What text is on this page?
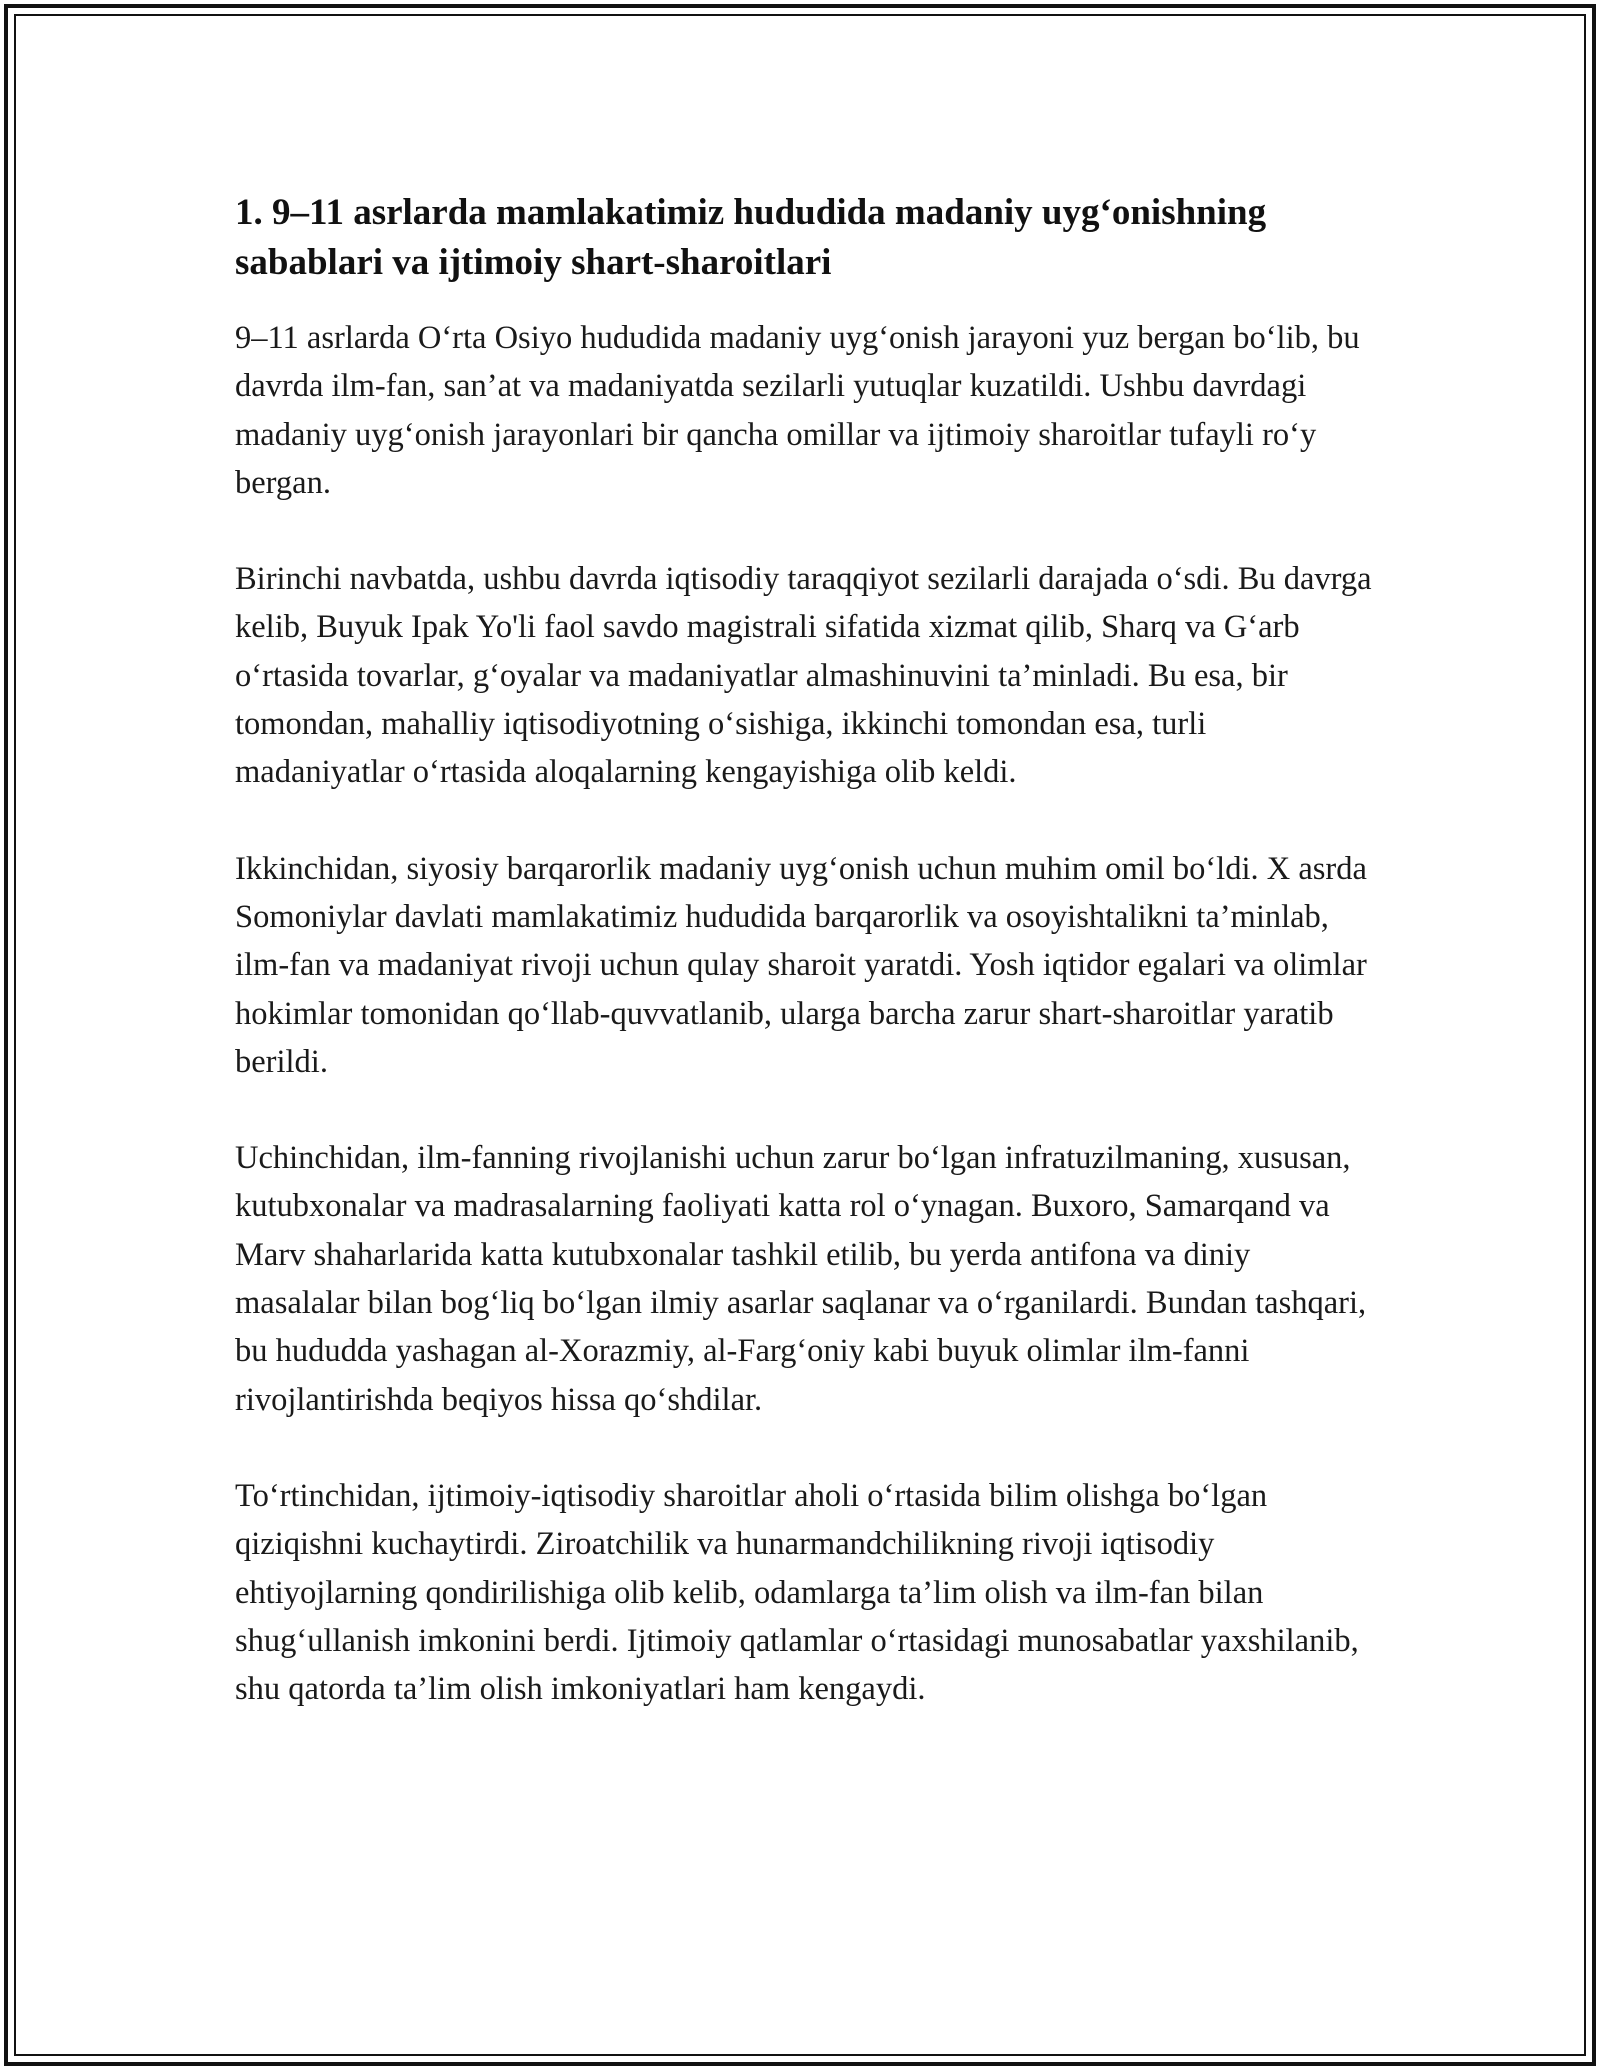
1. 9–11 asrlarda mamlakatimiz hududida madaniy uyg‘onishning sabablari va ijtimoiy shart-sharoitlari

9–11 asrlarda O‘rta Osiyo hududida madaniy uyg‘onish jarayoni yuz bergan bo‘lib, bu davrda ilm-fan, san’at va madaniyatda sezilarli yutuqlar kuzatildi. Ushbu davrdagi madaniy uyg‘onish jarayonlari bir qancha omillar va ijtimoiy sharoitlar tufayli ro‘y bergan.

Birinchi navbatda, ushbu davrda iqtisodiy taraqqiyot sezilarli darajada o‘sdi. Bu davrga kelib, Buyuk Ipak Yo'li faol savdo magistrali sifatida xizmat qilib, Sharq va G‘arb o‘rtasida tovarlar, g‘oyalar va madaniyatlar almashinuvini ta’minladi. Bu esa, bir tomondan, mahalliy iqtisodiyotning o‘sishiga, ikkinchi tomondan esa, turli madaniyatlar o‘rtasida aloqalarning kengayishiga olib keldi.

Ikkinchidan, siyosiy barqarorlik madaniy uyg‘onish uchun muhim omil bo‘ldi. X asrda Somoniylar davlati mamlakatimiz hududida barqarorlik va osoyishtalikni ta’minlab, ilm-fan va madaniyat rivoji uchun qulay sharoit yaratdi. Yosh iqtidor egalari va olimlar hokimlar tomonidan qo‘llab-quvvatlanib, ularga barcha zarur shart-sharoitlar yaratib berildi.

Uchinchidan, ilm-fanning rivojlanishi uchun zarur bo‘lgan infratuzilmaning, xususan, kutubxonalar va madrasalarning faoliyati katta rol o‘ynagan. Buxoro, Samarqand va Marv shaharlarida katta kutubxonalar tashkil etilib, bu yerda antifona va diniy masalalar bilan bog‘liq bo‘lgan ilmiy asarlar saqlanar va o‘rganilardi. Bundan tashqari, bu hududda yashagan al-Xorazmiy, al-Farg‘oniy kabi buyuk olimlar ilm-fanni rivojlantirishda beqiyos hissa qo‘shdilar.

To‘rtinchidan, ijtimoiy-iqtisodiy sharoitlar aholi o‘rtasida bilim olishga bo‘lgan qiziqishni kuchaytirdi. Ziroatchilik va hunarmandchilikning rivoji iqtisodiy ehtiyojlarning qondirilishiga olib kelib, odamlarga ta’lim olish va ilm-fan bilan shug‘ullanish imkonini berdi. Ijtimoiy qatlamlar o‘rtasidagi munosabatlar yaxshilanib, shu qatorda ta’lim olish imkoniyatlari ham kengaydi.
